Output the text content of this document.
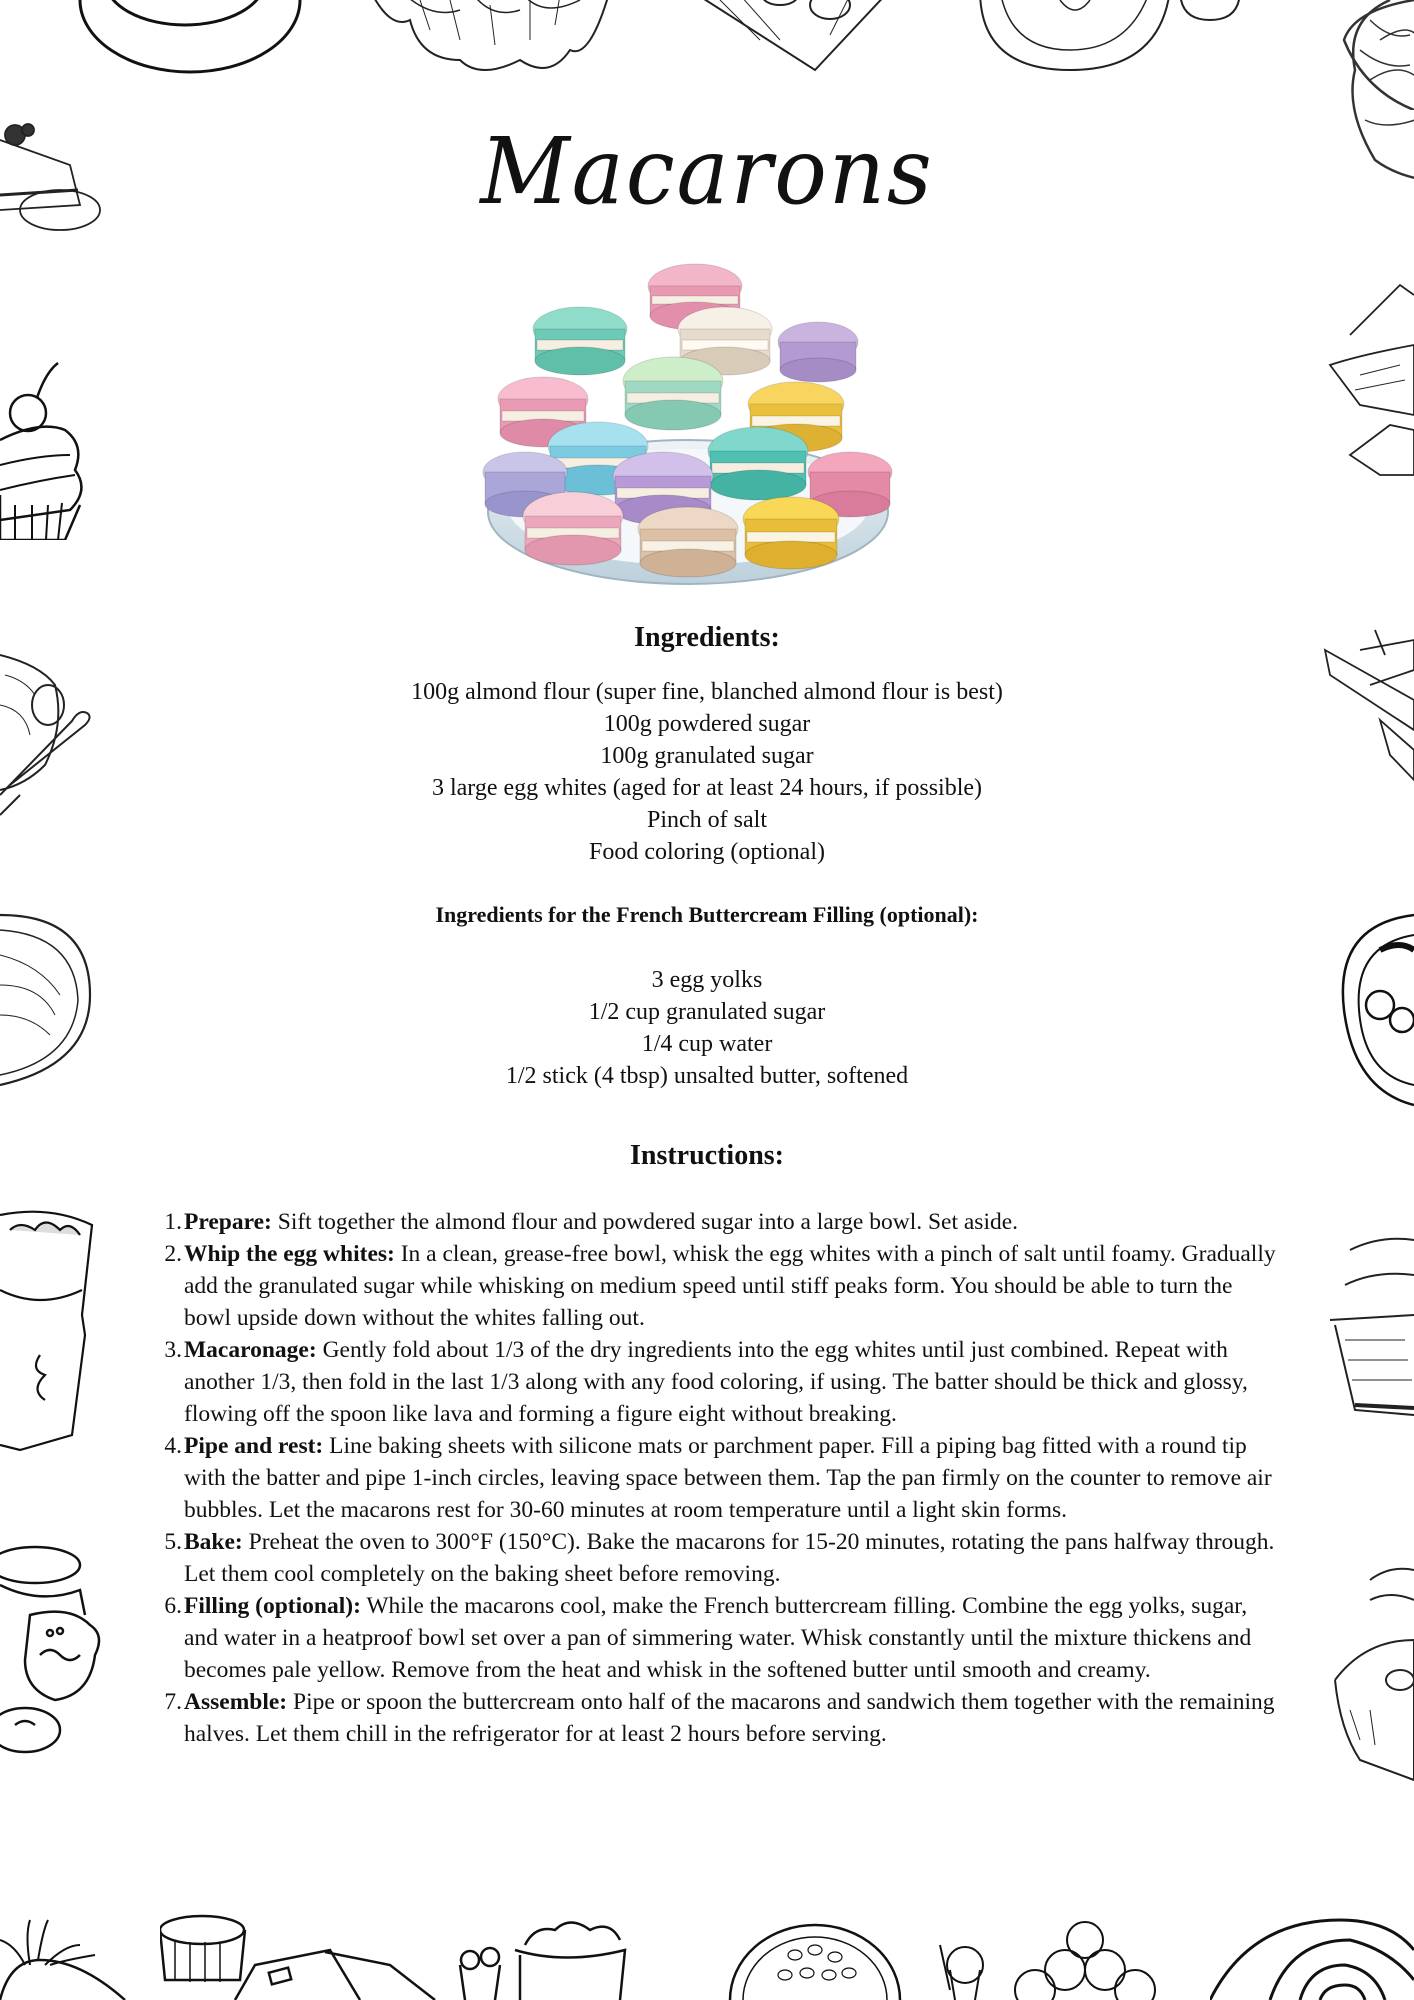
Macarons
Ingredients:
100g almond flour (super fine, blanched almond flour is best)
100g powdered sugar
100g granulated sugar
3 large egg whites (aged for at least 24 hours, if possible)
Pinch of salt
Food coloring (optional)
Ingredients for the French Buttercream Filling (optional):
3 egg yolks
1/2 cup granulated sugar
1/4 cup water
1/2 stick (4 tbsp) unsalted butter, softened
Instructions:
1. Prepare: Sift together the almond flour and powdered sugar into a large bowl. Set aside.
2. Whip the egg whites: In a clean, grease-free bowl, whisk the egg whites with a pinch of salt until foamy. Gradually add the granulated sugar while whisking on medium speed until stiff peaks form. You should be able to turn the bowl upside down without the whites falling out.
3. Macaronage: Gently fold about 1/3 of the dry ingredients into the egg whites until just combined. Repeat with another 1/3, then fold in the last 1/3 along with any food coloring, if using. The batter should be thick and glossy, flowing off the spoon like lava and forming a figure eight without breaking.
4. Pipe and rest: Line baking sheets with silicone mats or parchment paper. Fill a piping bag fitted with a round tip with the batter and pipe 1-inch circles, leaving space between them. Tap the pan firmly on the counter to remove air bubbles. Let the macarons rest for 30-60 minutes at room temperature until a light skin forms.
5. Bake: Preheat the oven to 300°F (150°C). Bake the macarons for 15-20 minutes, rotating the pans halfway through. Let them cool completely on the baking sheet before removing.
6. Filling (optional): While the macarons cool, make the French buttercream filling. Combine the egg yolks, sugar, and water in a heatproof bowl set over a pan of simmering water. Whisk constantly until the mixture thickens and becomes pale yellow. Remove from the heat and whisk in the softened butter until smooth and creamy.
7. Assemble: Pipe or spoon the buttercream onto half of the macarons and sandwich them together with the remaining halves. Let them chill in the refrigerator for at least 2 hours before serving.
